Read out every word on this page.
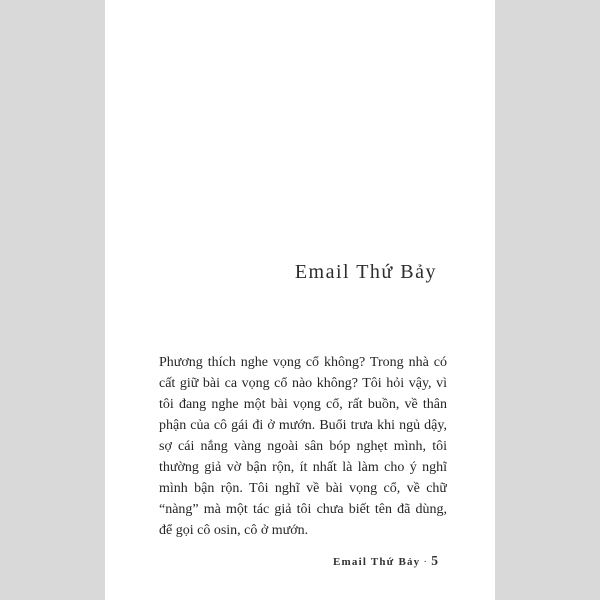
Email Thứ Bảy
Phương thích nghe vọng cổ không? Trong nhà có
cất giữ bài ca vọng cổ nào không? Tôi hỏi vậy, vì
tôi đang nghe một bài vọng cổ, rất buồn, về thân
phận của cô gái đi ở mướn. Buổi trưa khi ngủ dậy,
sợ cái nắng vàng ngoài sân bóp nghẹt mình, tôi
thường giả vờ bận rộn, ít nhất là làm cho ý nghĩ
mình bận rộn. Tôi nghĩ về bài vọng cổ, về chữ
“nàng” mà một tác giả tôi chưa biết tên đã dùng,
để gọi cô osin, cô ở mướn.
Email Thứ Bảy · 5
